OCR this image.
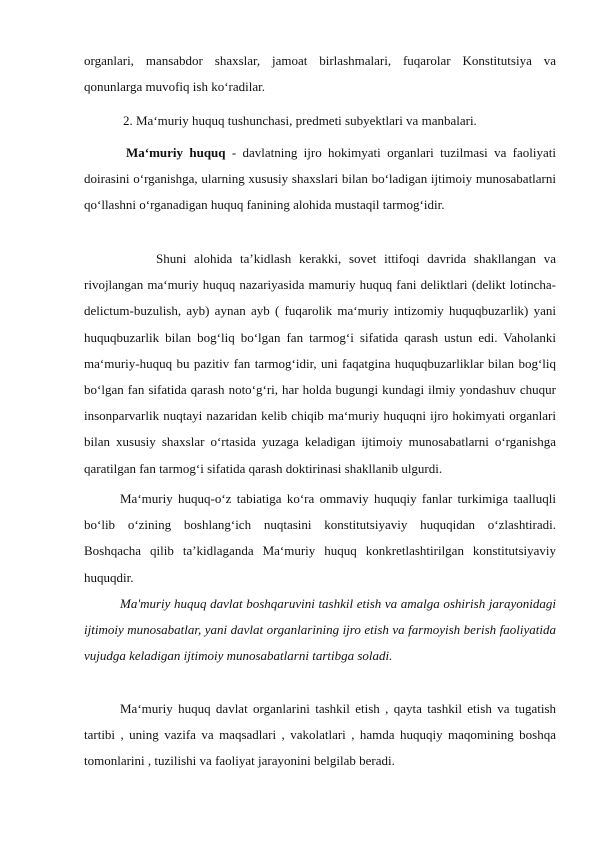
organlari, mansabdor shaxslar, jamoat birlashmalari, fuqarolar Konstitutsiya va qonunlarga muvofiq ish ko‘radilar.

2. Ma‘muriy huquq tushunchasi, predmeti subyektlari va manbalari.

Ma‘muriy huquq - davlatning ijro hokimyati organlari tuzilmasi va faoliyati doirasini o‘rganishga, ularning xususiy shaxslari bilan bo‘ladigan ijtimoiy munosabatlarni qo‘llashni o‘rganadigan huquq fanining alohida mustaqil tarmog‘idir.

Shuni alohida ta’kidlash kerakki, sovet ittifoqi davrida shakllangan va rivojlangan ma‘muriy huquq nazariyasida mamuriy huquq fani deliktlari (delikt lotincha-delictum-buzulish, ayb) aynan ayb ( fuqarolik ma‘muriy intizomiy huquqbuzarlik) yani huquqbuzarlik bilan bog‘liq bo‘lgan fan tarmog‘i sifatida qarash ustun edi. Vaholanki ma‘muriy-huquq bu pazitiv fan tarmog‘idir, uni faqatgina huquqbuzarliklar bilan bog‘liq bo‘lgan fan sifatida qarash noto‘g‘ri, har holda bugungi kundagi ilmiy yondashuv chuqur insonparvarlik nuqtayi nazaridan kelib chiqib ma‘muriy huquqni ijro hokimyati organlari bilan xususiy shaxslar o‘rtasida yuzaga keladigan ijtimoiy munosabatlarni o‘rganishga qaratilgan fan tarmog‘i sifatida qarash doktirinasi shakllanib ulgurdi.

Ma‘muriy huquq-o‘z tabiatiga ko‘ra ommaviy huquqiy fanlar turkimiga taalluqli bo‘lib o‘zining boshlang‘ich nuqtasini konstitutsiyaviy huquqidan o‘zlashtiradi. Boshqacha qilib ta’kidlaganda Ma‘muriy huquq konkretlashtirilgan konstitutsiyaviy huquqdir.

Ma'muriy huquq davlat boshqaruvini tashkil etish va amalga oshirish jarayonidagi ijtimoiy munosabatlar, yani davlat organlarining ijro etish va farmoyish berish faoliyatida vujudga keladigan ijtimoiy munosabatlarni tartibga soladi.

Ma‘muriy huquq davlat organlarini tashkil etish , qayta tashkil etish va tugatish tartibi , uning vazifa va maqsadlari , vakolatlari , hamda huquqiy maqomining boshqa tomonlarini , tuzilishi va faoliyat jarayonini belgilab beradi.
